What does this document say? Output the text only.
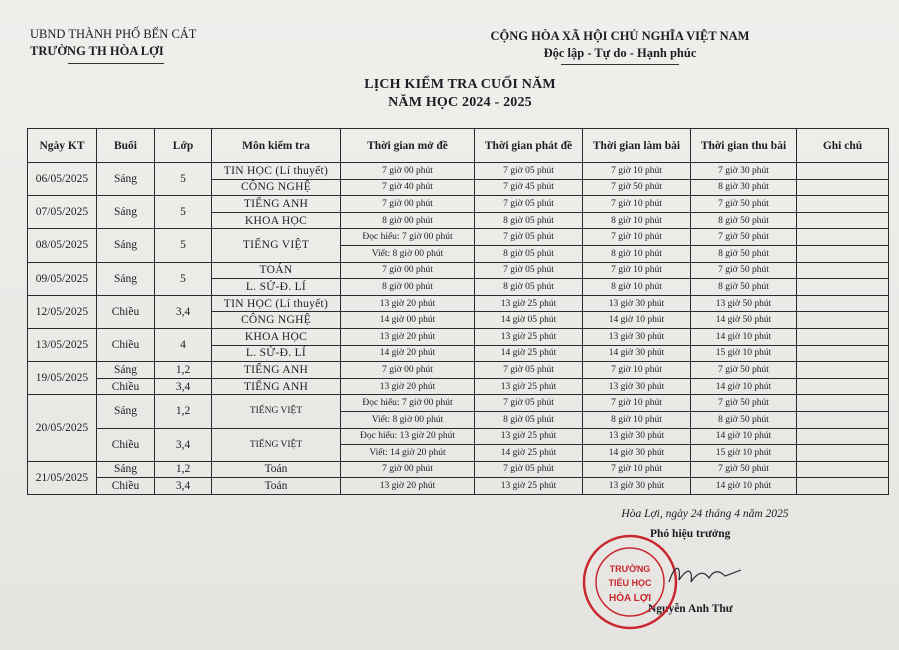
UBND THÀNH PHỐ BẾN CÁT
TRƯỜNG TH HÒA LỢI
CỘNG HÒA XÃ HỘI CHỦ NGHĨA VIỆT NAM
Độc lập - Tự do - Hạnh phúc
LỊCH KIỂM TRA CUỐI NĂM
NĂM HỌC 2024 - 2025
Ngày KT	Buổi	Lớp	Môn kiểm tra	Thời gian mở đề	Thời gian phát đề	Thời gian làm bài	Thời gian thu bài	Ghi chú
06/05/2025	Sáng	5	TIN HỌC (Lí thuyết)	7 giờ 00 phút	7 giờ 05 phút	7 giờ 10 phút	7 giờ 30 phút	
			CÔNG NGHỆ	7 giờ 40 phút	7 giờ 45 phút	7 giờ 50 phút	8 giờ 30 phút	
07/05/2025	Sáng	5	TIẾNG ANH	7 giờ 00 phút	7 giờ 05 phút	7 giờ 10 phút	7 giờ 50 phút	
			KHOA HỌC	8 giờ 00 phút	8 giờ 05 phút	8 giờ 10 phút	8 giờ 50 phút	
08/05/2025	Sáng	5	TIẾNG VIỆT	Đọc hiểu: 7 giờ 00 phút	7 giờ 05 phút	7 giờ 10 phút	7 giờ 50 phút	
				Viết: 8 giờ 00 phút	8 giờ 05 phút	8 giờ 10 phút	8 giờ 50 phút	
09/05/2025	Sáng	5	TOÁN	7 giờ 00 phút	7 giờ 05 phút	7 giờ 10 phút	7 giờ 50 phút	
			L. SỬ-Đ. LÍ	8 giờ 00 phút	8 giờ 05 phút	8 giờ 10 phút	8 giờ 50 phút	
12/05/2025	Chiều	3,4	TIN HỌC (Lí thuyết)	13 giờ 20 phút	13 giờ 25 phút	13 giờ 30 phút	13 giờ 50 phút	
			CÔNG NGHỆ	14 giờ 00 phút	14 giờ 05 phút	14 giờ 10 phút	14 giờ 50 phút	
13/05/2025	Chiều	4	KHOA HỌC	13 giờ 20 phút	13 giờ 25 phút	13 giờ 30 phút	14 giờ 10 phút	
			L. SỬ-Đ. LÍ	14 giờ 20 phút	14 giờ 25 phút	14 giờ 30 phút	15 giờ 10 phút	
19/05/2025	Sáng	1,2	TIẾNG ANH	7 giờ 00 phút	7 giờ 05 phút	7 giờ 10 phút	7 giờ 50 phút	
	Chiều	3,4	TIẾNG ANH	13 giờ 20 phút	13 giờ 25 phút	13 giờ 30 phút	14 giờ 10 phút	
20/05/2025	Sáng	1,2	TIẾNG VIỆT	Đọc hiểu: 7 giờ 00 phút	7 giờ 05 phút	7 giờ 10 phút	7 giờ 50 phút	
				Viết: 8 giờ 00 phút	8 giờ 05 phút	8 giờ 10 phút	8 giờ 50 phút	
	Chiều	3,4	TIẾNG VIỆT	Đọc hiểu: 13 giờ 20 phút	13 giờ 25 phút	13 giờ 30 phút	14 giờ 10 phút	
				Viết: 14 giờ 20 phút	14 giờ 25 phút	14 giờ 30 phút	15 giờ 10 phút	
21/05/2025	Sáng	1,2	Toán	7 giờ 00 phút	7 giờ 05 phút	7 giờ 10 phút	7 giờ 50 phút	
	Chiều	3,4	Toán	13 giờ 20 phút	13 giờ 25 phút	13 giờ 30 phút	14 giờ 10 phút	
Hòa Lợi, ngày 24 tháng 4 năm 2025
Phó hiệu trưởng
Nguyễn Anh Thư
TRƯỜNG
TIỂU HỌC
HÒA LỢI
